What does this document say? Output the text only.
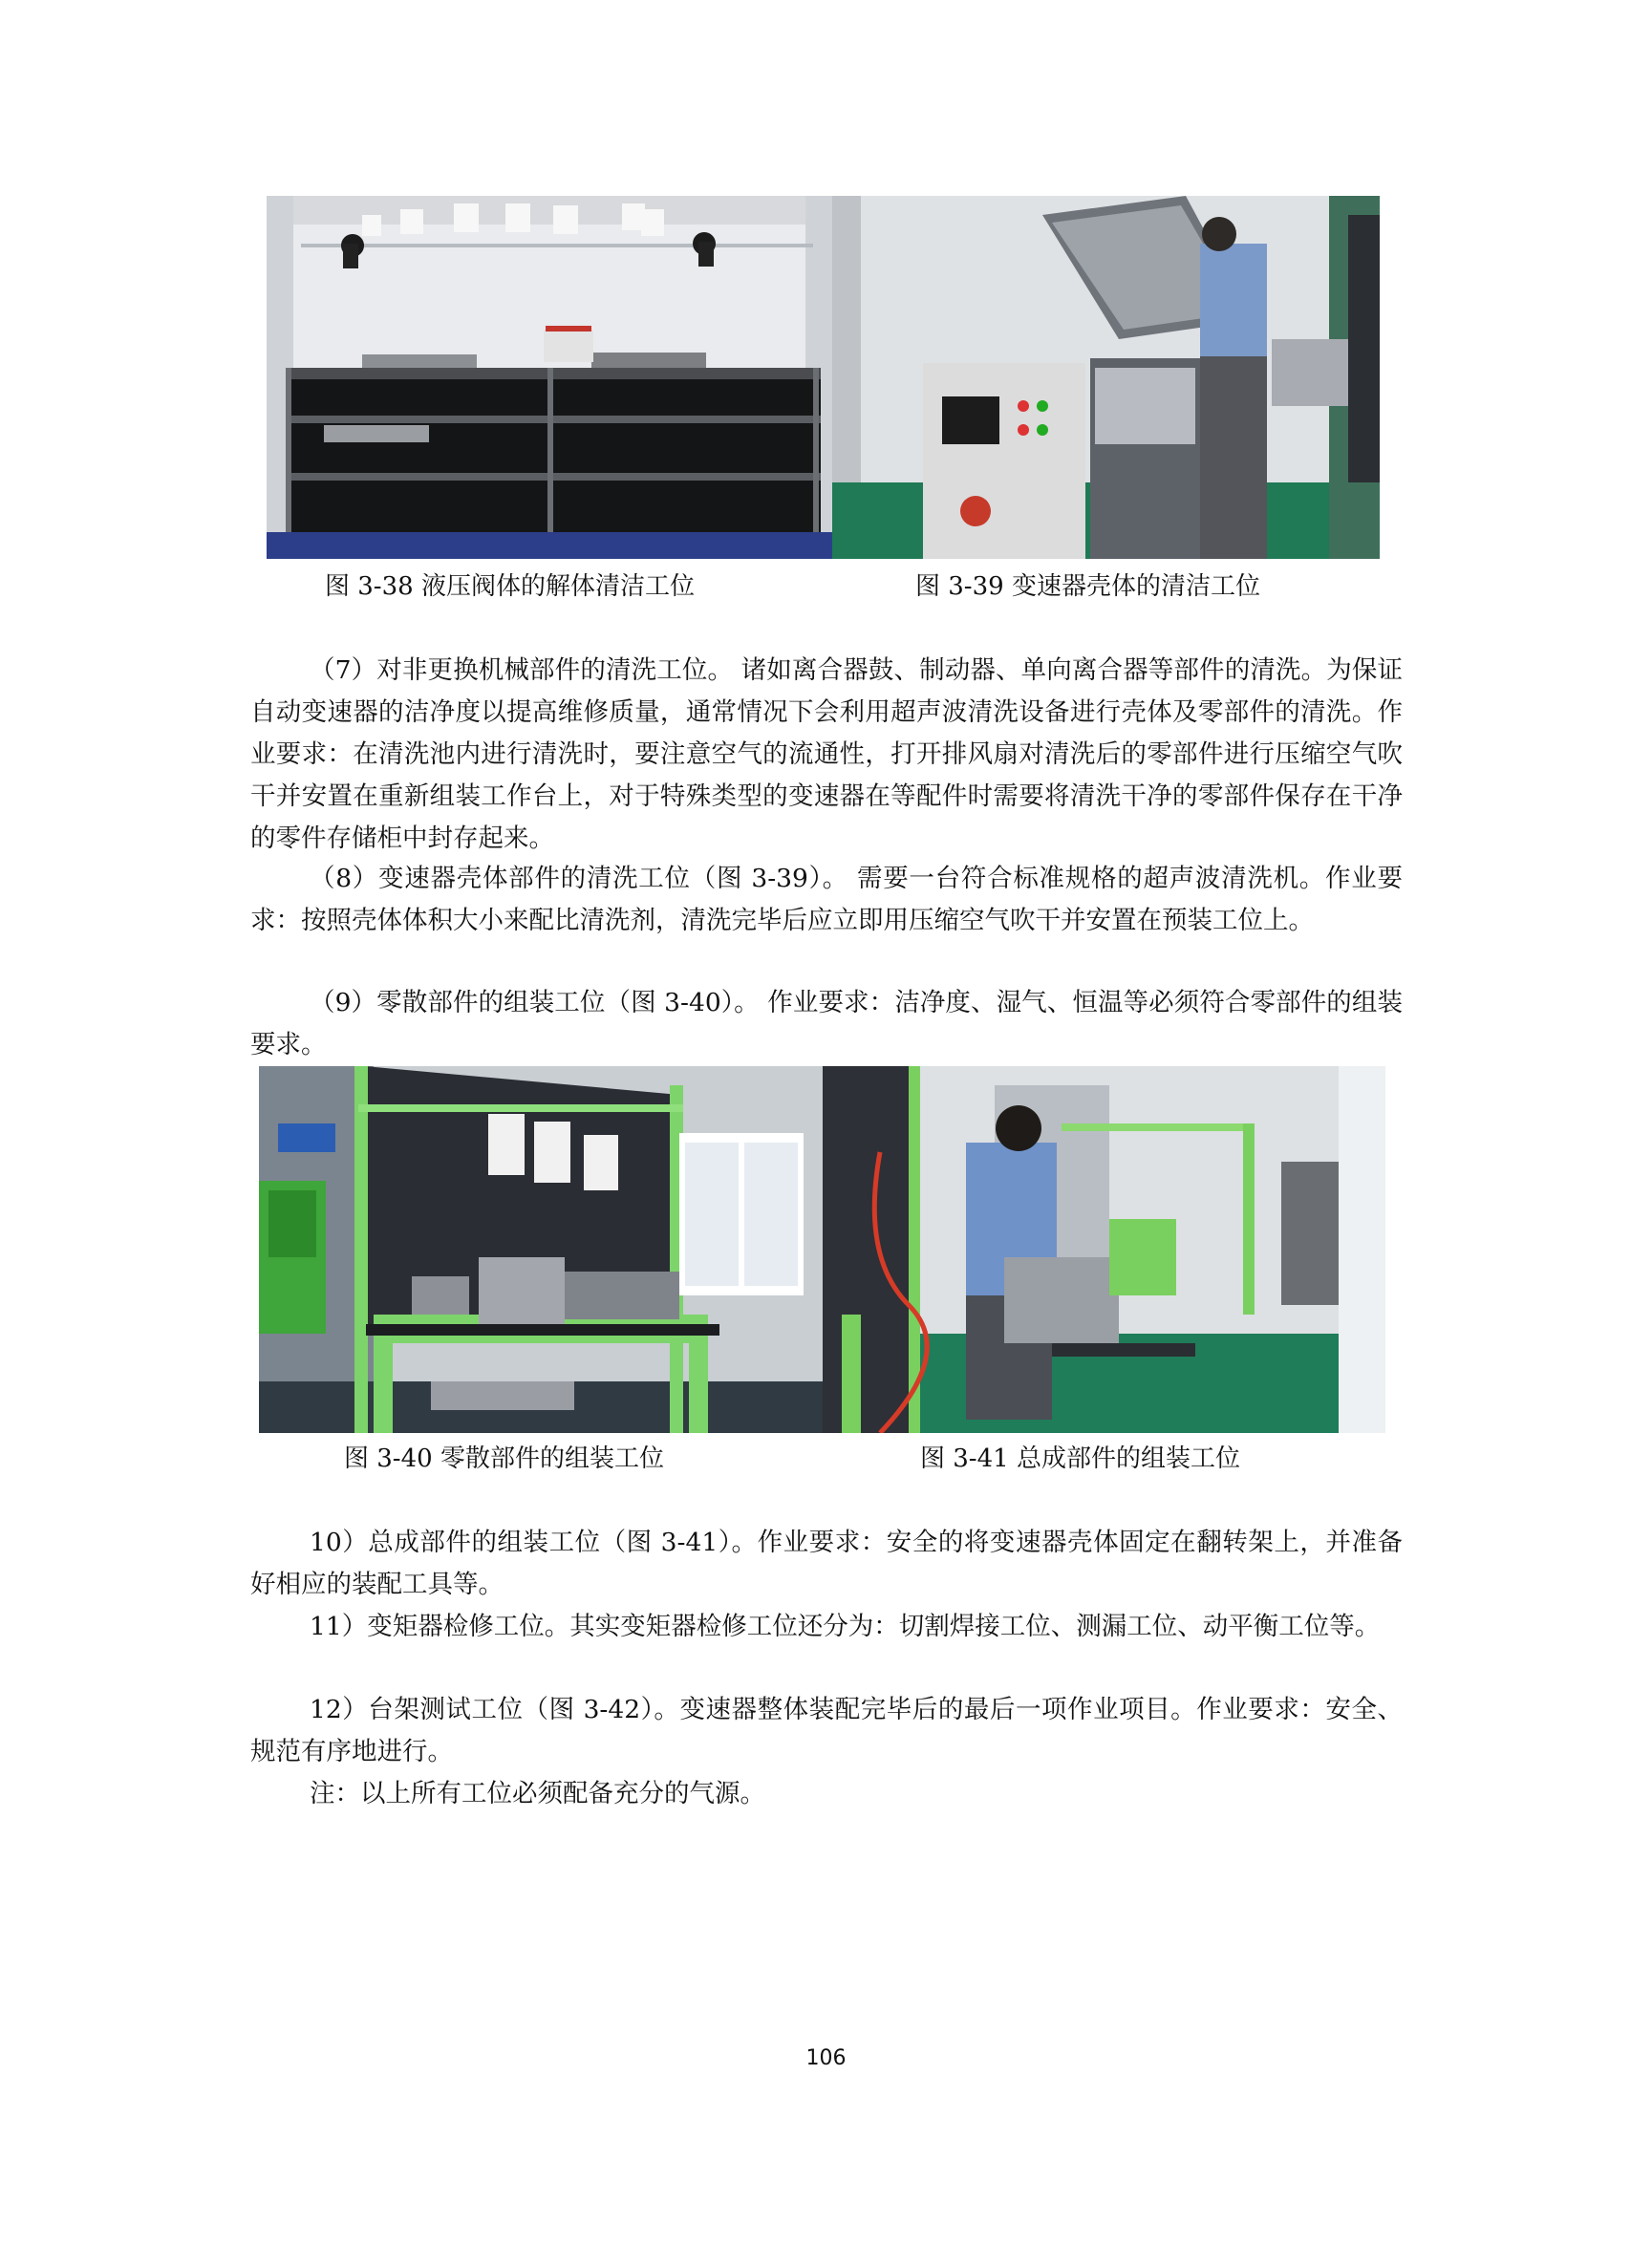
图 3-38 液压阀体的解体清洁工位	图 3-39 变速器壳体的清洁工位

（7）对非更换机械部件的清洗工位。 诸如离合器鼓、制动器、单向离合器等部件的清洗。为保证自动变速器的洁净度以提高维修质量，通常情况下会利用超声波清洗设备进行壳体及零部件的清洗。作业要求：在清洗池内进行清洗时，要注意空气的流通性，打开排风扇对清洗后的零部件进行压缩空气吹干并安置在重新组装工作台上，对于特殊类型的变速器在等配件时需要将清洗干净的零部件保存在干净的零件存储柜中封存起来。

（8）变速器壳体部件的清洗工位（图 3-39）。 需要一台符合标准规格的超声波清洗机。作业要求：按照壳体体积大小来配比清洗剂，清洗完毕后应立即用压缩空气吹干并安置在预装工位上。

（9）零散部件的组装工位（图 3-40）。 作业要求：洁净度、湿气、恒温等必须符合零部件的组装要求。

图 3-40 零散部件的组装工位	图 3-41 总成部件的组装工位

10）总成部件的组装工位（图 3-41）。作业要求：安全的将变速器壳体固定在翻转架上，并准备好相应的装配工具等。

11）变矩器检修工位。其实变矩器检修工位还分为：切割焊接工位、测漏工位、动平衡工位等。

12）台架测试工位（图 3-42）。变速器整体装配完毕后的最后一项作业项目。作业要求：安全、规范有序地进行。

注：以上所有工位必须配备充分的气源。

106
